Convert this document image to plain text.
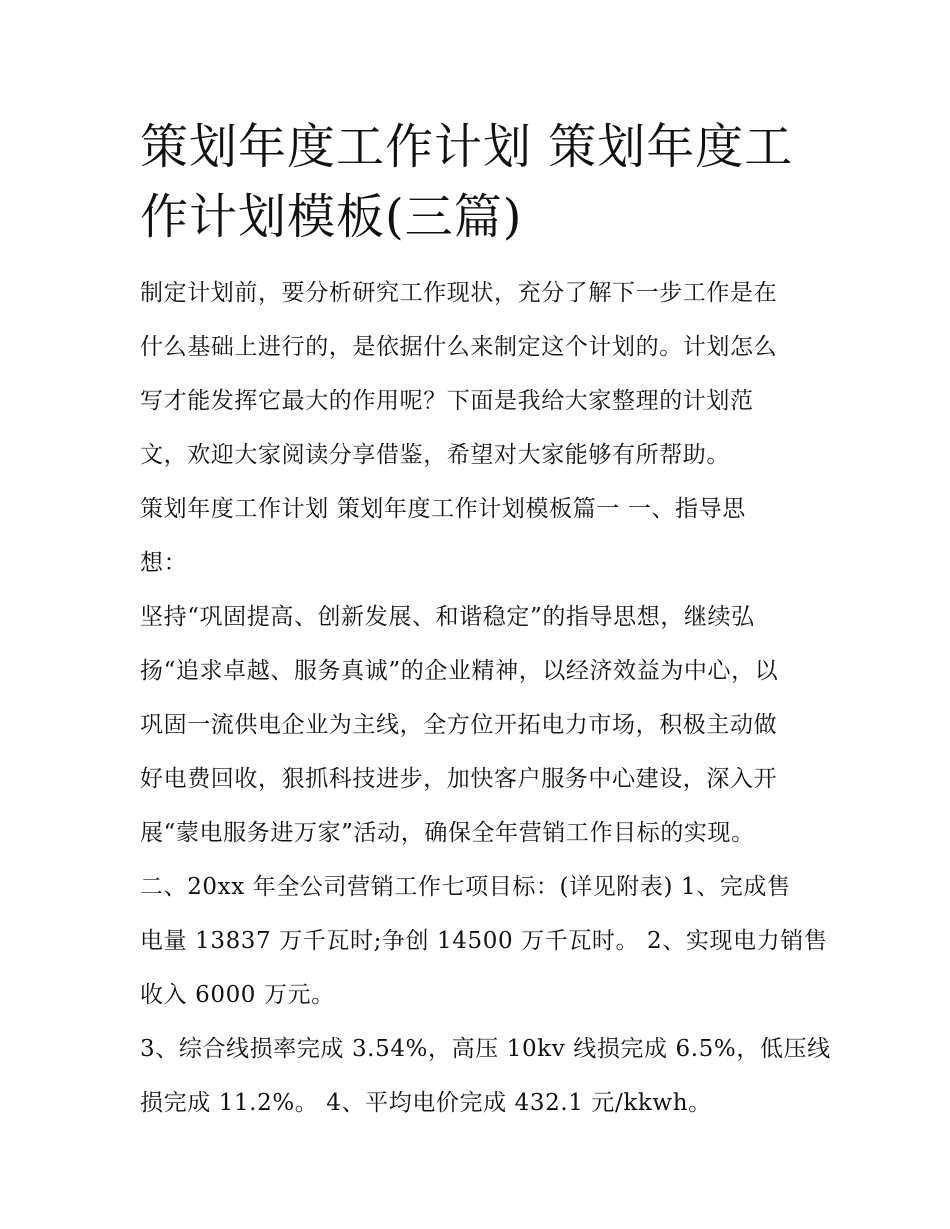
策划年度工作计划 策划年度工
作计划模板(三篇)

制定计划前，要分析研究工作现状，充分了解下一步工作是在
什么基础上进行的，是依据什么来制定这个计划的。计划怎么
写才能发挥它最大的作用呢？下面是我给大家整理的计划范
文，欢迎大家阅读分享借鉴，希望对大家能够有所帮助。

策划年度工作计划 策划年度工作计划模板篇一 一、指导思
想：

坚持“巩固提高、创新发展、和谐稳定”的指导思想，继续弘
扬“追求卓越、服务真诚”的企业精神，以经济效益为中心，以
巩固一流供电企业为主线，全方位开拓电力市场，积极主动做
好电费回收，狠抓科技进步，加快客户服务中心建设，深入开
展“蒙电服务进万家”活动，确保全年营销工作目标的实现。

二、20xx 年全公司营销工作七项目标：(详见附表) 1、完成售
电量 13837 万千瓦时;争创 14500 万千瓦时。 2、实现电力销售
收入 6000 万元。

3、综合线损率完成 3.54%，高压 10kv 线损完成 6.5%，低压线
损完成 11.2%。 4、平均电价完成 432.1 元/kkwh。
